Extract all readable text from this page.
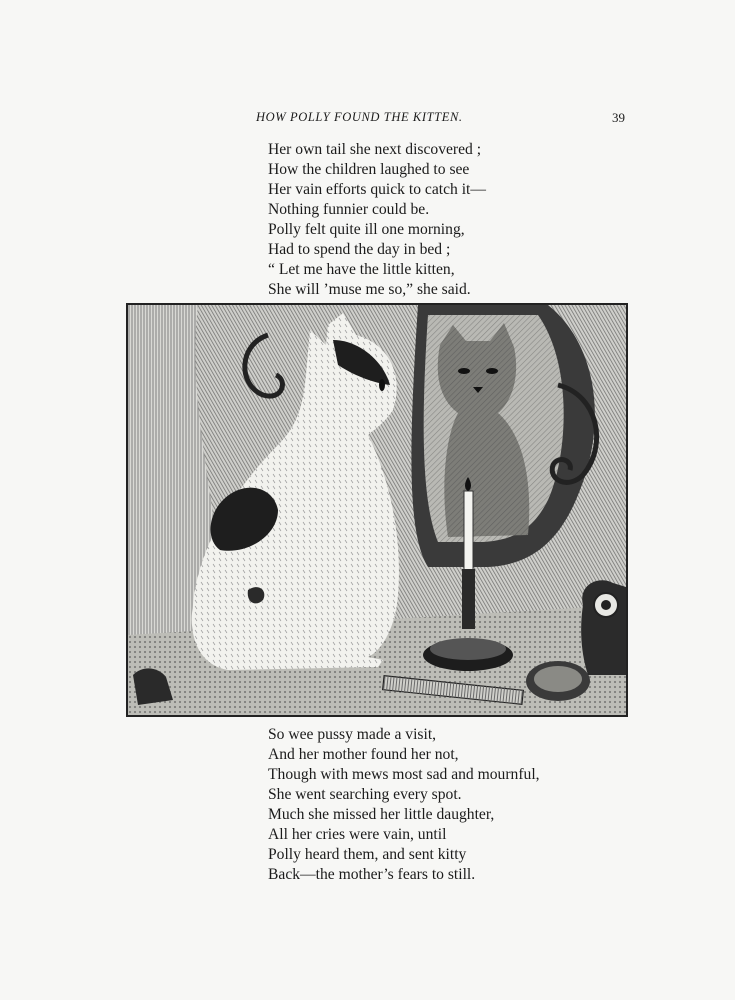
HOW POLLY FOUND THE KITTEN.	39
Her own tail she next discovered ;
How the children laughed to see
Her vain efforts quick to catch it—
Nothing funnier could be.
Polly felt quite ill one morning,
Had to spend the day in bed ;
“ Let me have the little kitten,
She will ’muse me so,” she said.
So wee pussy made a visit,
And her mother found her not,
Though with mews most sad and mournful,
She went searching every spot.
Much she missed her little daughter,
All her cries were vain, until
Polly heard them, and sent kitty
Back—the mother’s fears to still.
